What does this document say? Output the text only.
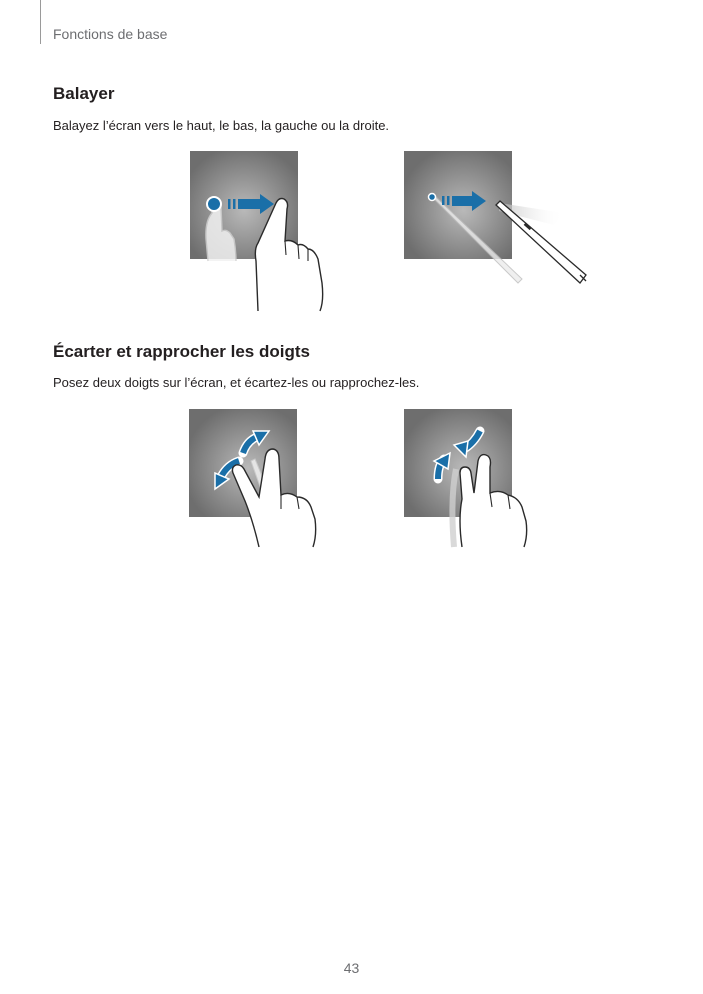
Fonctions de base
Balayer
Balayez l’écran vers le haut, le bas, la gauche ou la droite.
Écarter et rapprocher les doigts
Posez deux doigts sur l’écran, et écartez-les ou rapprochez-les.
43
